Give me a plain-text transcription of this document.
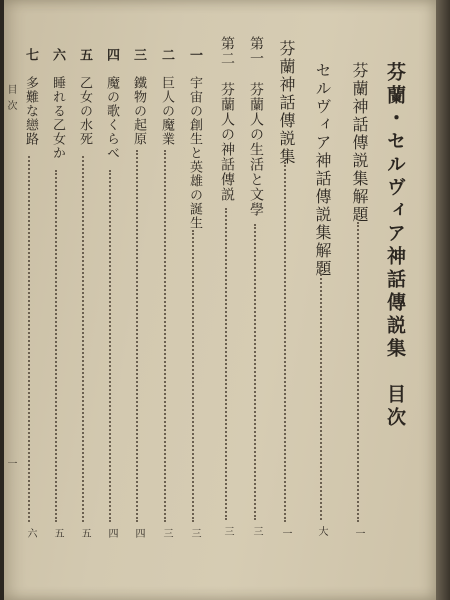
芬蘭・セルヴィア神話傳説集　目次
芬蘭神話傳説集解題
一
セルヴィア神話傳説集解題
大
芬蘭神話傳説集
一
第一
芬蘭人の生活と文學
三
第二
芬蘭人の神話傳説
三
一
宇宙の創生と英雄の誕生
三
二
巨人の魔業
三
三
鐵物の起原
四
四
魔の歌くらべ
四
五
乙女の水死
五
六
睡れる乙女か
五
七
多難な戀路
六
目次
一
